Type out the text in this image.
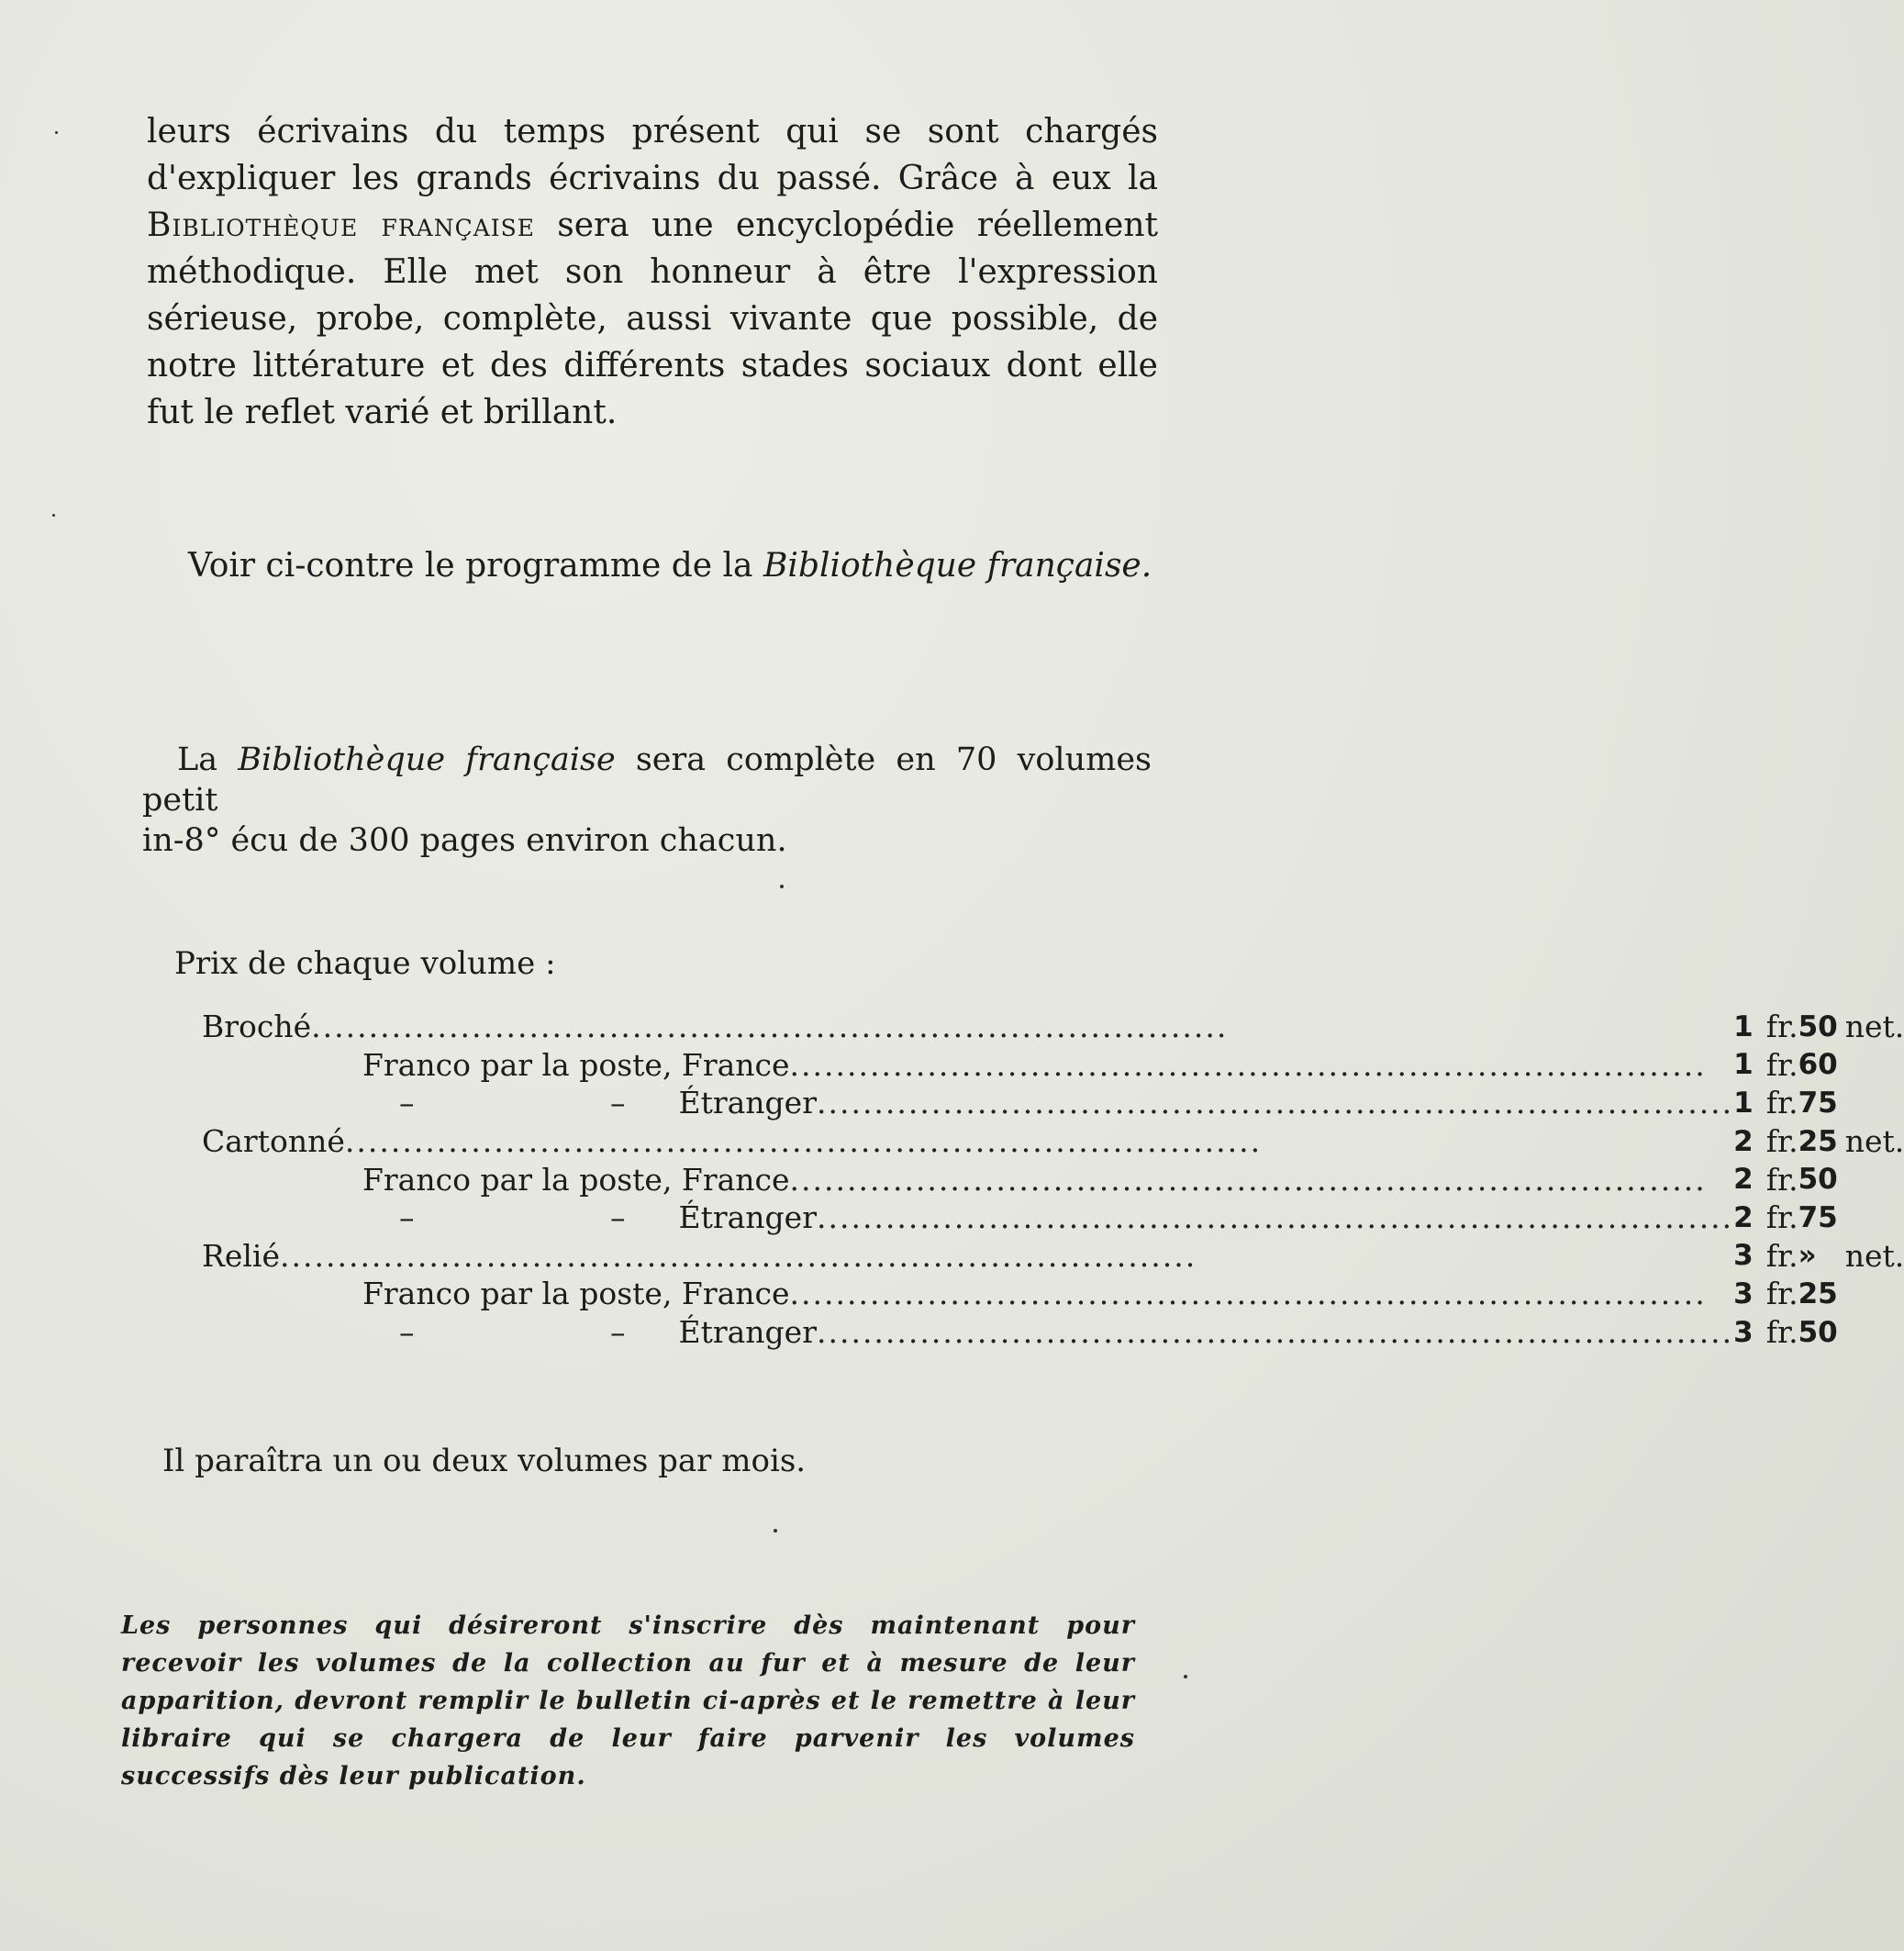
leurs écrivains du temps présent qui se sont chargés d'expliquer les grands écrivains du passé. Grâce à eux la Bibliothèque française sera une encyclopédie réellement méthodique. Elle met son honneur à être l'expression sérieuse, probe, complète, aussi vivante que possible, de notre littérature et des différents stades sociaux dont elle fut le reflet varié et brillant.

Voir ci-contre le programme de la Bibliothèque française.

La Bibliothèque française sera complète en 70 volumes petit
in-8° écu de 300 pages environ chacun.

Prix de chaque volume :

Broché ................................................................................	1	fr.	50	net.

Franco par la poste, France ................................................................................	1	fr.	60	

– – Étranger ................................................................................	1	fr.	75	

Cartonné ................................................................................	2	fr.	25	net.

Franco par la poste, France ................................................................................	2	fr.	50	

– – Étranger ................................................................................	2	fr.	75	

Relié ................................................................................	3	fr.	»	net.

Franco par la poste, France ................................................................................	3	fr.	25	

– – Étranger ................................................................................	3	fr.	50	

Il paraîtra un ou deux volumes par mois.

Les personnes qui désireront s'inscrire dès maintenant pour recevoir les volumes de la collection au fur et à mesure de leur apparition, devront remplir le bulletin ci-après et le remettre à leur libraire qui se chargera de leur faire parvenir les volumes successifs dès leur publication.
